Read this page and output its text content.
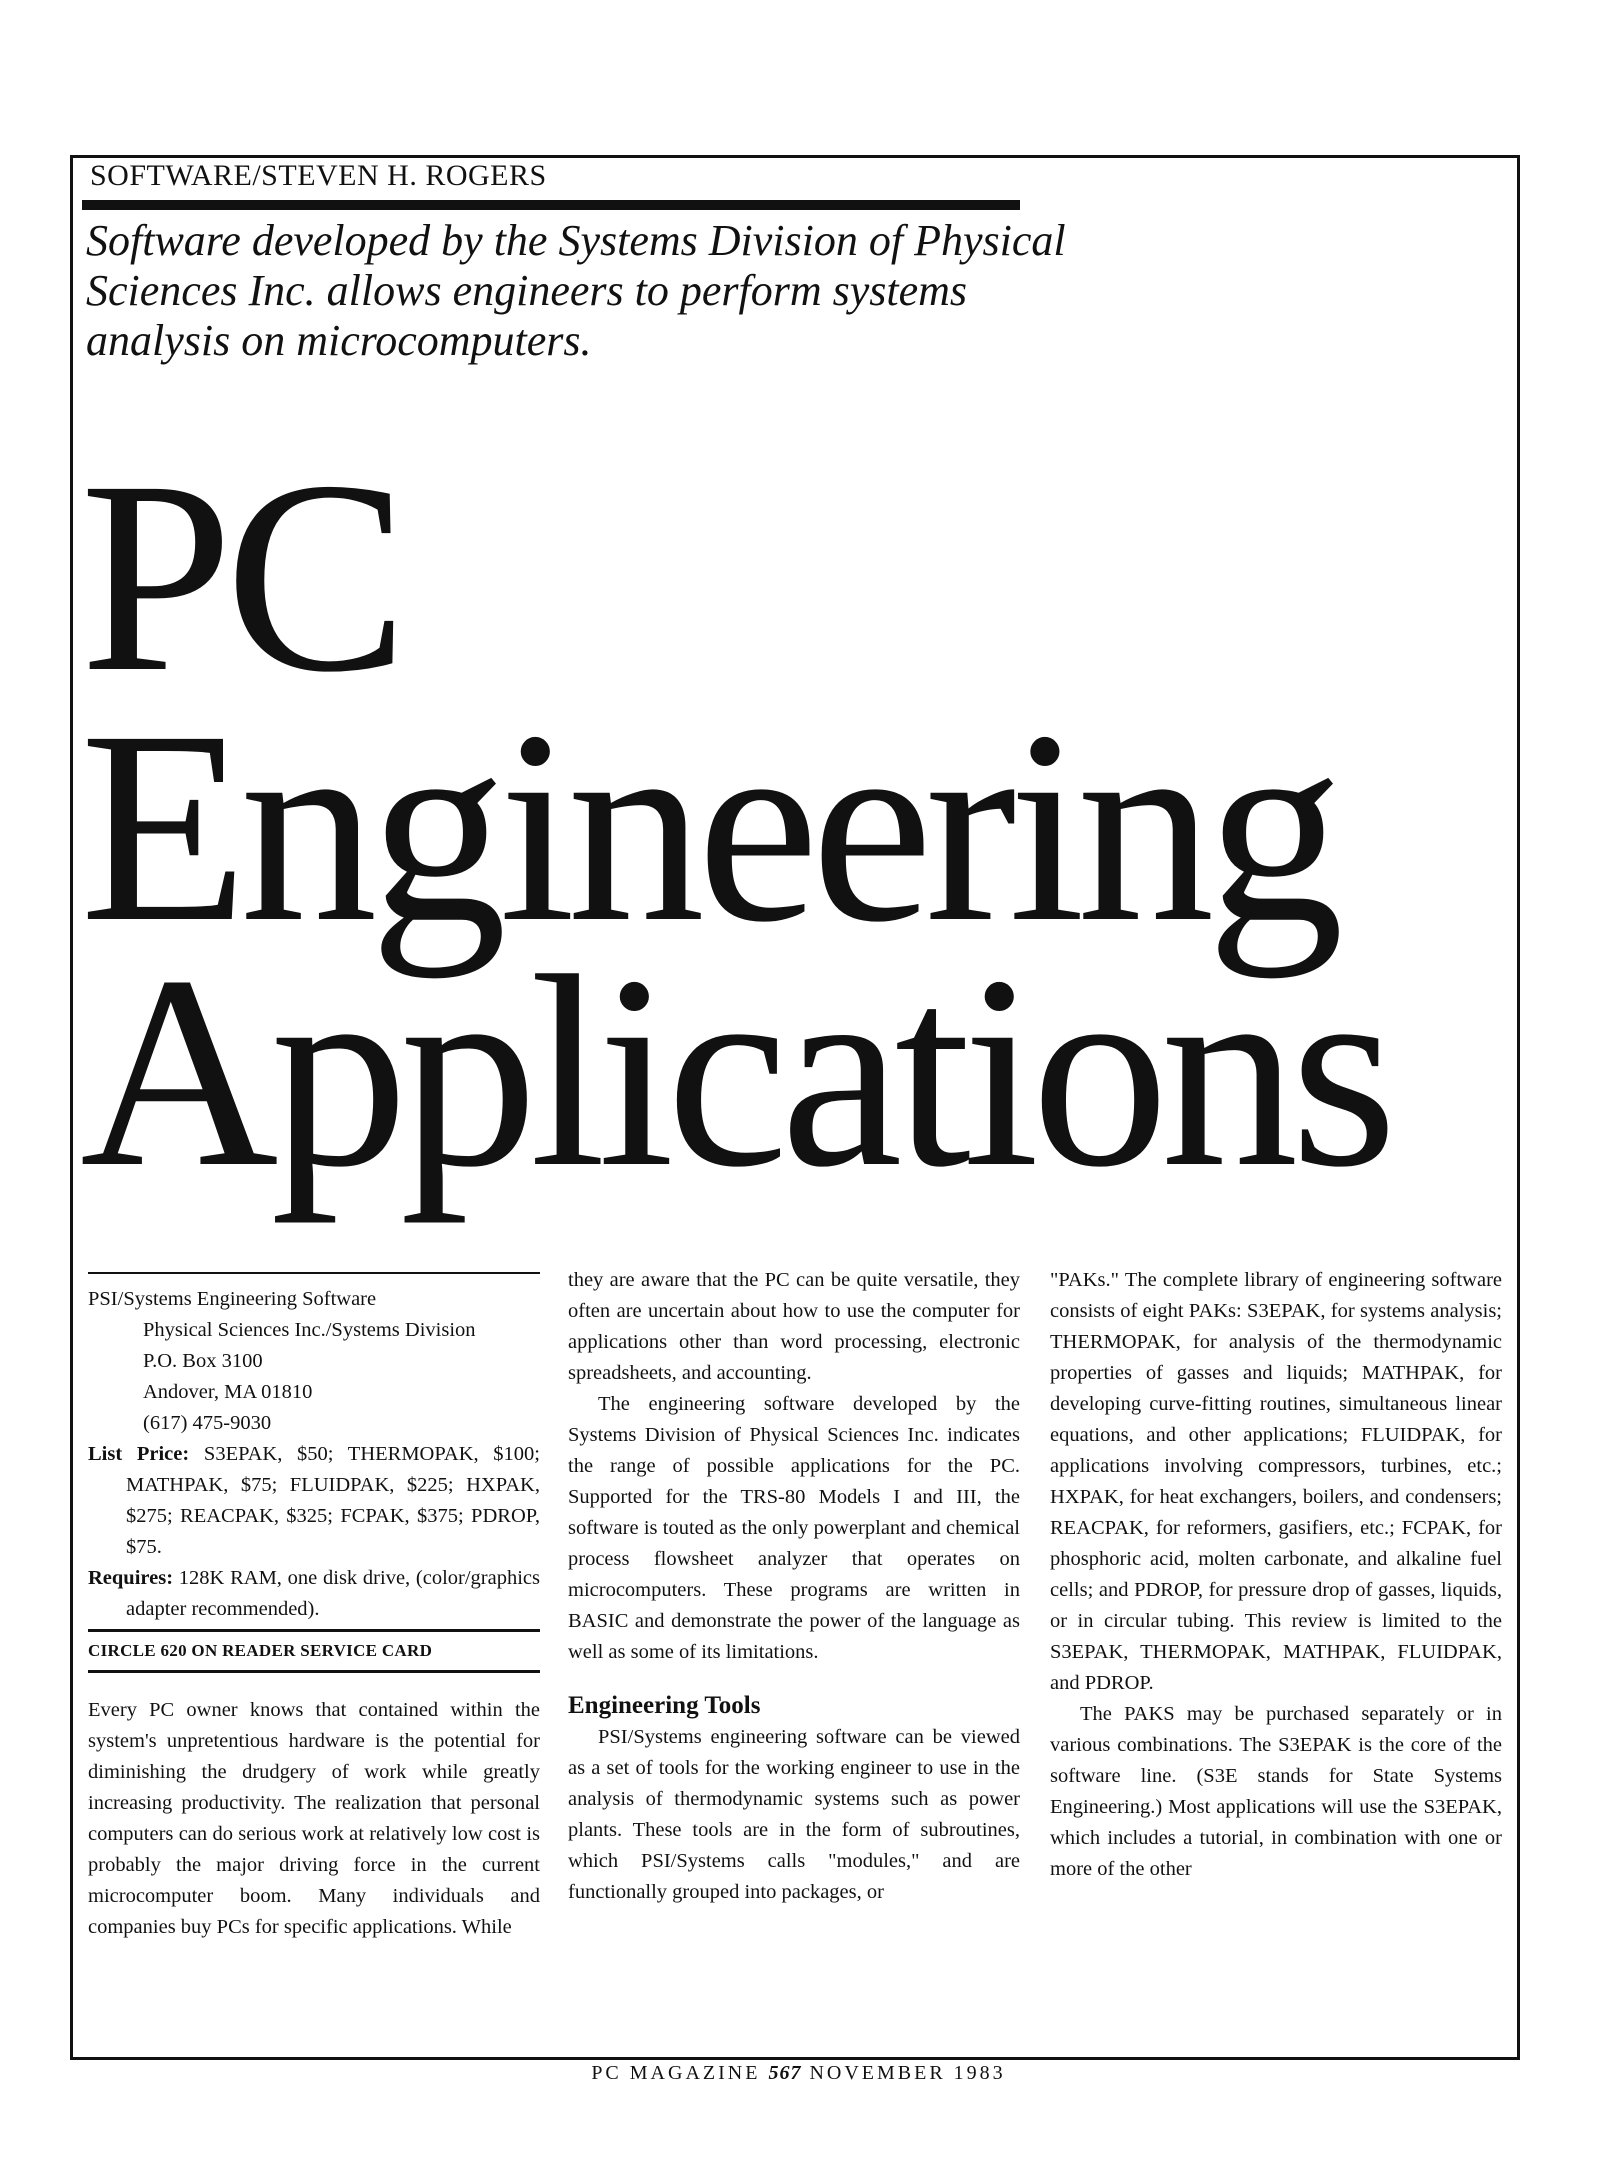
SOFTWARE/STEVEN H. ROGERS
Software developed by the Systems Division of Physical Sciences Inc. allows engineers to perform systems analysis on microcomputers.
PC
Engineering
Applications
PSI/Systems Engineering Software
Physical Sciences Inc./Systems Division
P.O. Box 3100
Andover, MA 01810
(617) 475-9030
List Price: S3EPAK, $50; THERMOPAK, $100; MATHPAK, $75; FLUIDPAK, $225; HXPAK, $275; REACPAK, $325; FCPAK, $375; PDROP, $75.
Requires: 128K RAM, one disk drive, (color/graphics adapter recommended).
CIRCLE 620 ON READER SERVICE CARD

Every PC owner knows that contained within the system's unpretentious hardware is the potential for diminishing the drudgery of work while greatly increasing productivity. The realization that personal computers can do serious work at relatively low cost is probably the major driving force in the current microcomputer boom. Many individuals and companies buy PCs for specific applications. While

they are aware that the PC can be quite versatile, they often are uncertain about how to use the computer for applications other than word processing, electronic spreadsheets, and accounting.

The engineering software developed by the Systems Division of Physical Sciences Inc. indicates the range of possible applications for the PC. Supported for the TRS-80 Models I and III, the software is touted as the only powerplant and chemical process flowsheet analyzer that operates on microcomputers. These programs are written in BASIC and demonstrate the power of the language as well as some of its limitations.

Engineering Tools

PSI/Systems engineering software can be viewed as a set of tools for the working engineer to use in the analysis of thermodynamic systems such as power plants. These tools are in the form of subroutines, which PSI/Systems calls "modules," and are functionally grouped into packages, or

"PAKs." The complete library of engineering software consists of eight PAKs: S3EPAK, for systems analysis; THERMOPAK, for analysis of the thermodynamic properties of gasses and liquids; MATHPAK, for developing curve-fitting routines, simultaneous linear equations, and other applications; FLUIDPAK, for applications involving compressors, turbines, etc.; HXPAK, for heat exchangers, boilers, and condensers; REACPAK, for reformers, gasifiers, etc.; FCPAK, for phosphoric acid, molten carbonate, and alkaline fuel cells; and PDROP, for pressure drop of gasses, liquids, or in circular tubing. This review is limited to the S3EPAK, THERMOPAK, MATHPAK, FLUIDPAK, and PDROP.

The PAKS may be purchased separately or in various combinations. The S3EPAK is the core of the software line. (S3E stands for State Systems Engineering.) Most applications will use the S3EPAK, which includes a tutorial, in combination with one or more of the other

PC MAGAZINE 567 NOVEMBER 1983
